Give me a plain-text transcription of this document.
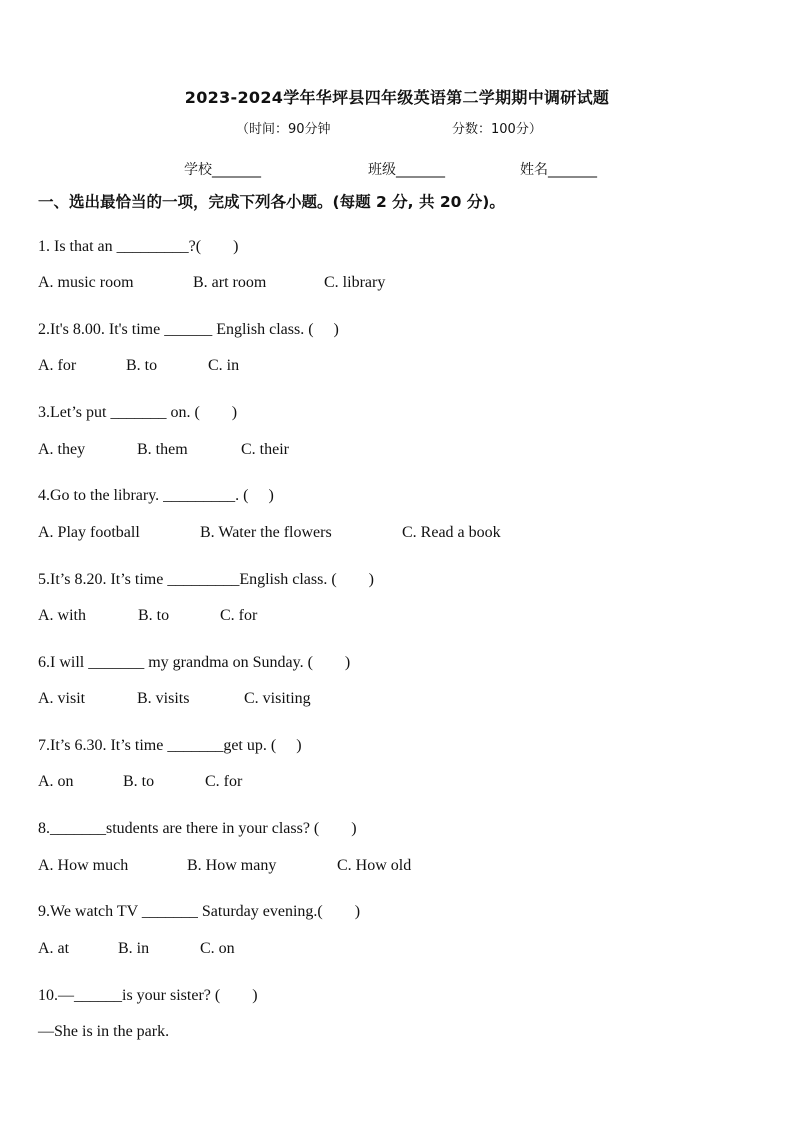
2023-2024学年华坪县四年级英语第二学期期中调研试题
（时间：90分钟	分数：100分）
学校_______	班级_______	姓名_______
一、选出最恰当的一项，完成下列各小题。(每题 2 分, 共 20 分)。
1. Is that an _________?(　　)
A. music room	B. art room	C. library
2.It's 8.00. It's time ______ English class. (　 )
A. for	B. to	C. in
3.Let’s put _______ on. (　　)
A. they	B. them	C. their
4.Go to the library. _________. (　 )
A. Play football	B. Water the flowers	C. Read a book
5.It’s 8.20. It’s time _________English class. (　　)
A. with	B. to	C. for
6.I will _______ my grandma on Sunday. (　　)
A. visit	B. visits	C. visiting
7.It’s 6.30. It’s time _______get up. (　 )
A. on	B. to	C. for
8._______students are there in your class? (　　)
A. How much	B. How many	C. How old
9.We watch TV _______ Saturday evening.(　　)
A. at	B. in	C. on
10.—______is your sister? (　　)
—She is in the park.
